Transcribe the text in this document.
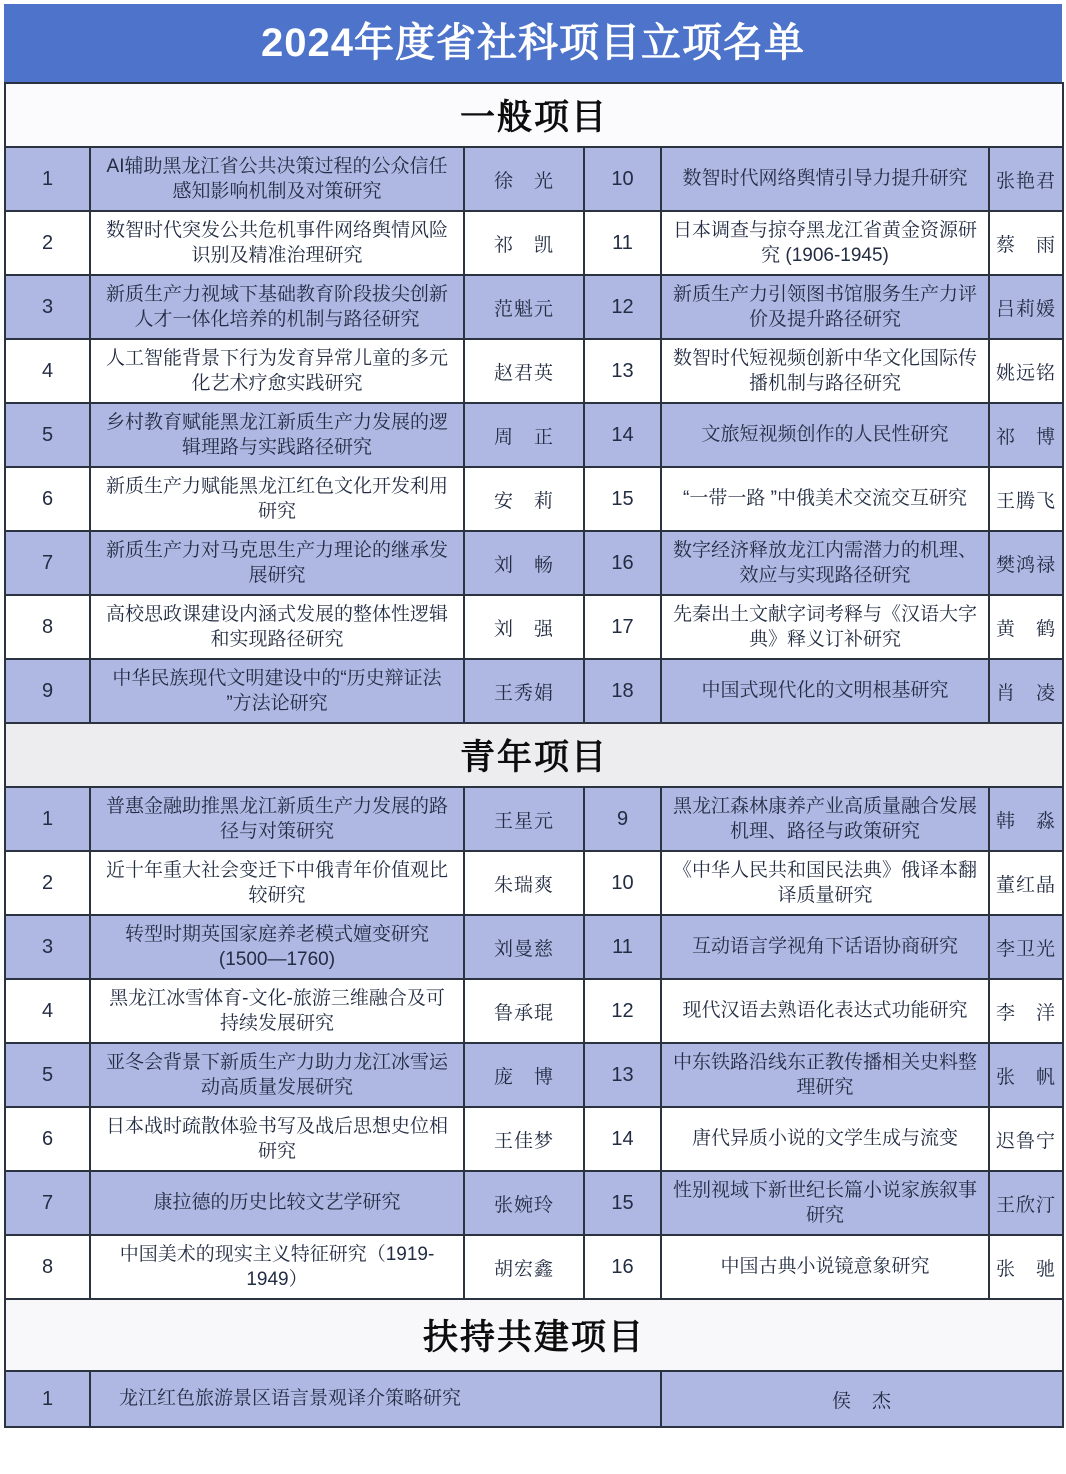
2024年度省社科项目立项名单
一般项目					
1	AI辅助黑龙江省公共决策过程的公众信任感知影响机制及对策研究	徐　光	10	数智时代网络舆情引导力提升研究	张艳君
2	数智时代突发公共危机事件网络舆情风险识别及精准治理研究	祁　凯	11	日本调查与掠夺黑龙江省黄金资源研究 (1906-1945)	蔡　雨
3	新质生产力视域下基础教育阶段拔尖创新人才一体化培养的机制与路径研究	范魁元	12	新质生产力引领图书馆服务生产力评价及提升路径研究	吕莉媛
4	人工智能背景下行为发育异常儿童的多元化艺术疗愈实践研究	赵君英	13	数智时代短视频创新中华文化国际传播机制与路径研究	姚远铭
5	乡村教育赋能黑龙江新质生产力发展的逻辑理路与实践路径研究	周　正	14	文旅短视频创作的人民性研究	祁　博
6	新质生产力赋能黑龙江红色文化开发利用研究	安　莉	15	“一带一路 ”中俄美术交流交互研究	王腾飞
7	新质生产力对马克思生产力理论的继承发展研究	刘　畅	16	数字经济释放龙江内需潜力的机理、效应与实现路径研究	樊鸿禄
8	高校思政课建设内涵式发展的整体性逻辑和实现路径研究	刘　强	17	先秦出土文献字词考释与《汉语大字典》释义订补研究	黄　鹤
9	中华民族现代文明建设中的“历史辩证法 ”方法论研究	王秀娟	18	中国式现代化的文明根基研究	肖　凌
青年项目					
1	普惠金融助推黑龙江新质生产力发展的路径与对策研究	王星元	9	黑龙江森林康养产业高质量融合发展机理、路径与政策研究	韩　淼
2	近十年重大社会变迁下中俄青年价值观比较研究	朱瑞爽	10	《中华人民共和国民法典》俄译本翻译质量研究	董红晶
3	转型时期英国家庭养老模式嬗变研究 (1500—1760)	刘曼慈	11	互动语言学视角下话语协商研究	李卫光
4	黑龙江冰雪体育-文化-旅游三维融合及可持续发展研究	鲁承琨	12	现代汉语去熟语化表达式功能研究	李　洋
5	亚冬会背景下新质生产力助力龙江冰雪运动高质量发展研究	庞　博	13	中东铁路沿线东正教传播相关史料整理研究	张　帆
6	日本战时疏散体验书写及战后思想史位相研究	王佳梦	14	唐代异质小说的文学生成与流变	迟鲁宁
7	康拉德的历史比较文艺学研究	张婉玲	15	性别视域下新世纪长篇小说家族叙事研究	王欣汀
8	中国美术的现实主义特征研究（1919-1949）	胡宏鑫	16	中国古典小说镜意象研究	张　驰
扶持共建项目					
1	龙江红色旅游景区语言景观译介策略研究			侯　杰	
